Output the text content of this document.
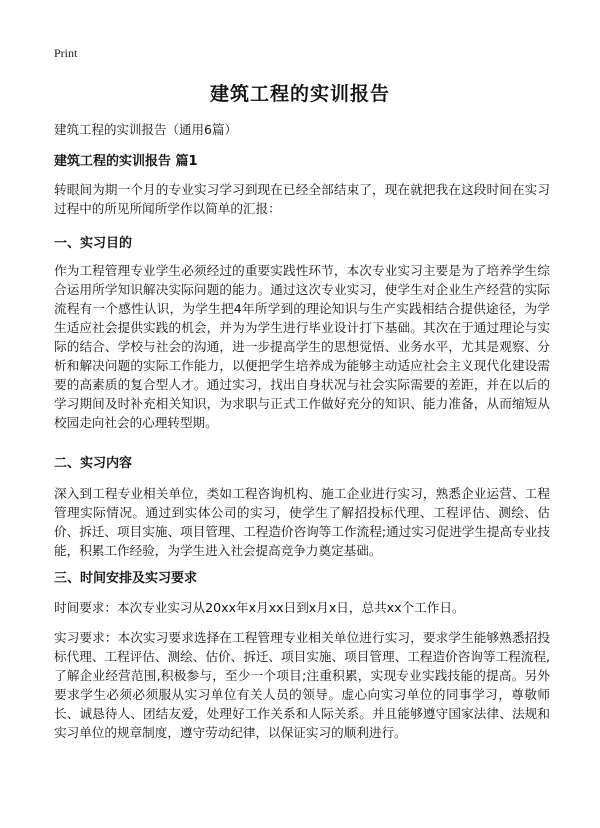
Print
建筑工程的实训报告
建筑工程的实训报告（通用6篇）
建筑工程的实训报告 篇1

转眼间为期一个月的专业实习学习到现在已经全部结束了，现在就把我在这段时间在实习过程中的所见所闻所学作以简单的汇报：

一、实习目的

作为工程管理专业学生必须经过的重要实践性环节，本次专业实习主要是为了培养学生综合运用所学知识解决实际问题的能力。通过这次专业实习，使学生对企业生产经营的实际流程有一个感性认识，为学生把4年所学到的理论知识与生产实践相结合提供途径，为学生适应社会提供实践的机会，并为为学生进行毕业设计打下基础。其次在于通过理论与实际的结合、学校与社会的沟通，进一步提高学生的思想觉悟、业务水平，尤其是观察、分析和解决问题的实际工作能力，以便把学生培养成为能够主动适应社会主义现代化建设需要的高素质的复合型人才。通过实习，找出自身状况与社会实际需要的差距，并在以后的学习期间及时补充相关知识，为求职与正式工作做好充分的知识、能力准备，从而缩短从校园走向社会的心理转型期。

二、实习内容

深入到工程专业相关单位，类如工程咨询机构、施工企业进行实习，熟悉企业运营、工程管理实际情况。通过到实体公司的实习，使学生了解招投标代理、工程评估、测绘、估价、拆迁、项目实施、项目管理、工程造价咨询等工作流程;通过实习促进学生提高专业技能，积累工作经验，为学生进入社会提高竞争力奠定基础。

三、时间安排及实习要求

时间要求：本次专业实习从20xx年x月xx日到x月x日，总共xx个工作日。

实习要求：本次实习要求选择在工程管理专业相关单位进行实习，要求学生能够熟悉招投标代理、工程评估、测绘、估价、拆迁、项目实施、项目管理、工程造价咨询等工程流程,了解企业经营范围,积极参与，至少一个项目;注重积累，实现专业实践技能的提高。另外要求学生必须必须服从实习单位有关人员的领导。虚心向实习单位的同事学习，尊敬师长、诚恳待人、团结友爱，处理好工作关系和人际关系。并且能够遵守国家法律、法规和实习单位的规章制度，遵守劳动纪律，以保证实习的顺利进行。
